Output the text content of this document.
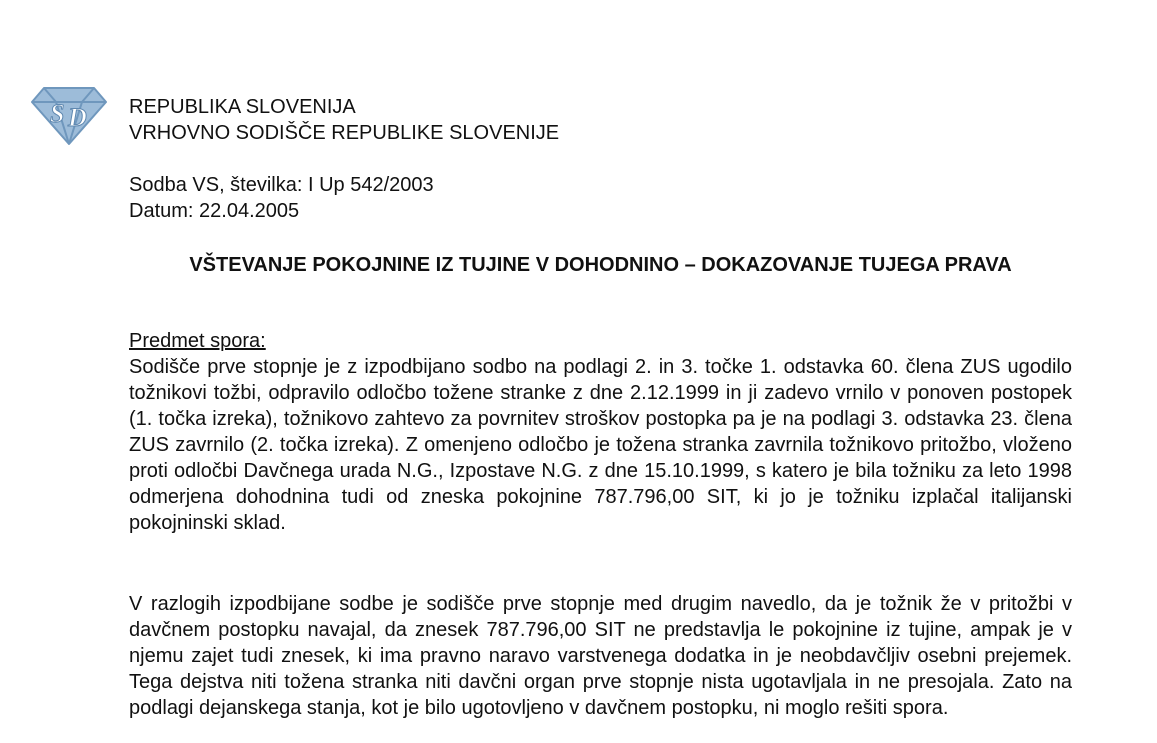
S D REPUBLIKA SLOVENIJA
VRHOVNO SODIŠČE REPUBLIKE SLOVENIJE
Sodba VS, številka: I Up 542/2003
Datum: 22.04.2005
VŠTEVANJE POKOJNINE IZ TUJINE V DOHODNINO – DOKAZOVANJE TUJEGA PRAVA
Predmet spora:
Sodišče prve stopnje je z izpodbijano sodbo na podlagi 2. in 3. točke 1. odstavka 60. člena ZUS ugodilo tožnikovi tožbi, odpravilo odločbo tožene stranke z dne 2.12.1999 in ji zadevo vrnilo v ponoven postopek (1. točka izreka), tožnikovo zahtevo za povrnitev stroškov postopka pa je na podlagi 3. odstavka 23. člena ZUS zavrnilo (2. točka izreka). Z omenjeno odločbo je tožena stranka zavrnila tožnikovo pritožbo, vloženo proti odločbi Davčnega urada N.G., Izpostave N.G. z dne 15.10.1999, s katero je bila tožniku za leto 1998 odmerjena dohodnina tudi od zneska pokojnine 787.796,00 SIT, ki jo je tožniku izplačal italijanski pokojninski sklad.
V razlogih izpodbijane sodbe je sodišče prve stopnje med drugim navedlo, da je tožnik že v pritožbi v davčnem postopku navajal, da znesek 787.796,00 SIT ne predstavlja le pokojnine iz tujine, ampak je v njemu zajet tudi znesek, ki ima pravno naravo varstvenega dodatka in je neobdavčljiv osebni prejemek. Tega dejstva niti tožena stranka niti davčni organ prve stopnje nista ugotavljala in ne presojala. Zato na podlagi dejanskega stanja, kot je bilo ugotovljeno v davčnem postopku, ni moglo rešiti spora.
